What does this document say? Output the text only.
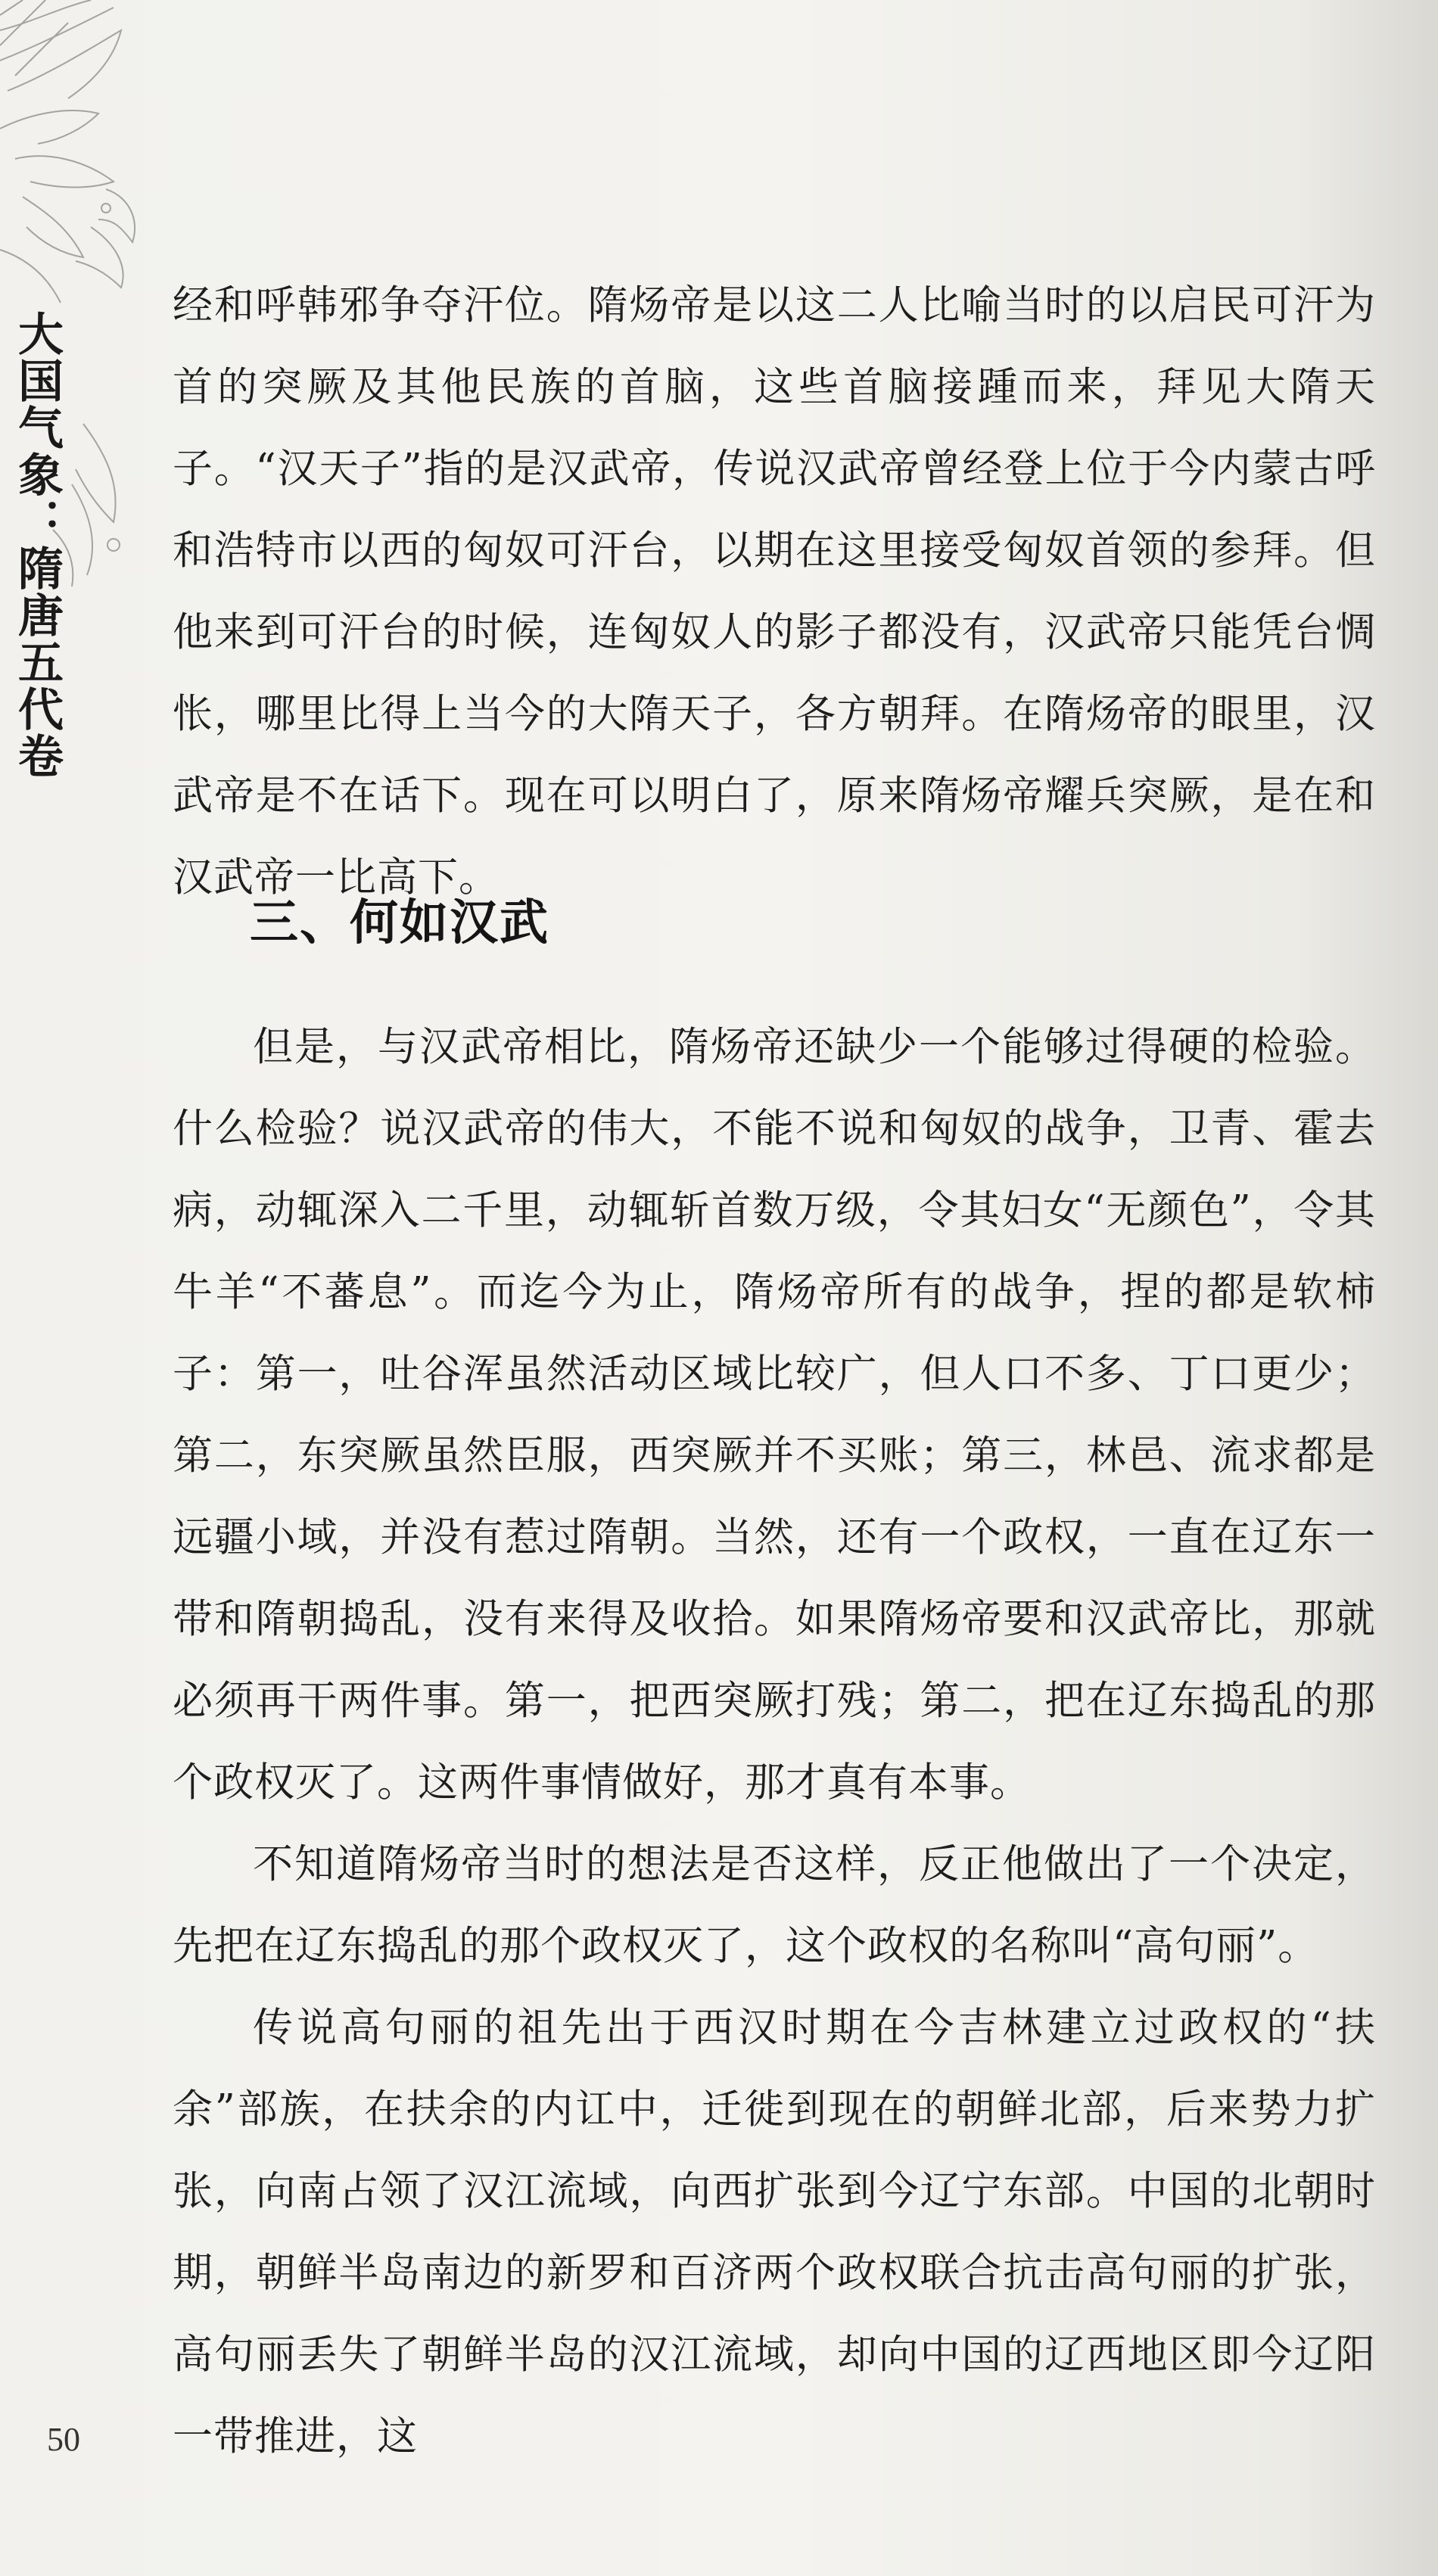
大国气象：隋唐五代卷

经和呼韩邪争夺汗位。隋炀帝是以这二人比喻当时的以启民可汗为首的突厥及其他民族的首脑，这些首脑接踵而来，拜见大隋天子。“汉天子”指的是汉武帝，传说汉武帝曾经登上位于今内蒙古呼和浩特市以西的匈奴可汗台，以期在这里接受匈奴首领的参拜。但他来到可汗台的时候，连匈奴人的影子都没有，汉武帝只能凭台惆怅，哪里比得上当今的大隋天子，各方朝拜。在隋炀帝的眼里，汉武帝是不在话下。现在可以明白了，原来隋炀帝耀兵突厥，是在和汉武帝一比高下。

三、何如汉武

但是，与汉武帝相比，隋炀帝还缺少一个能够过得硬的检验。什么检验？说汉武帝的伟大，不能不说和匈奴的战争，卫青、霍去病，动辄深入二千里，动辄斩首数万级，令其妇女“无颜色”，令其牛羊“不蕃息”。而迄今为止，隋炀帝所有的战争，捏的都是软柿子：第一，吐谷浑虽然活动区域比较广，但人口不多、丁口更少；第二，东突厥虽然臣服，西突厥并不买账；第三，林邑、流求都是远疆小域，并没有惹过隋朝。当然，还有一个政权，一直在辽东一带和隋朝捣乱，没有来得及收拾。如果隋炀帝要和汉武帝比，那就必须再干两件事。第一，把西突厥打残；第二，把在辽东捣乱的那个政权灭了。这两件事情做好，那才真有本事。

不知道隋炀帝当时的想法是否这样，反正他做出了一个决定，先把在辽东捣乱的那个政权灭了，这个政权的名称叫“高句丽”。

传说高句丽的祖先出于西汉时期在今吉林建立过政权的“扶余”部族，在扶余的内讧中，迁徙到现在的朝鲜北部，后来势力扩张，向南占领了汉江流域，向西扩张到今辽宁东部。中国的北朝时期，朝鲜半岛南边的新罗和百济两个政权联合抗击高句丽的扩张，高句丽丢失了朝鲜半岛的汉江流域，却向中国的辽西地区即今辽阳一带推进，这

50
